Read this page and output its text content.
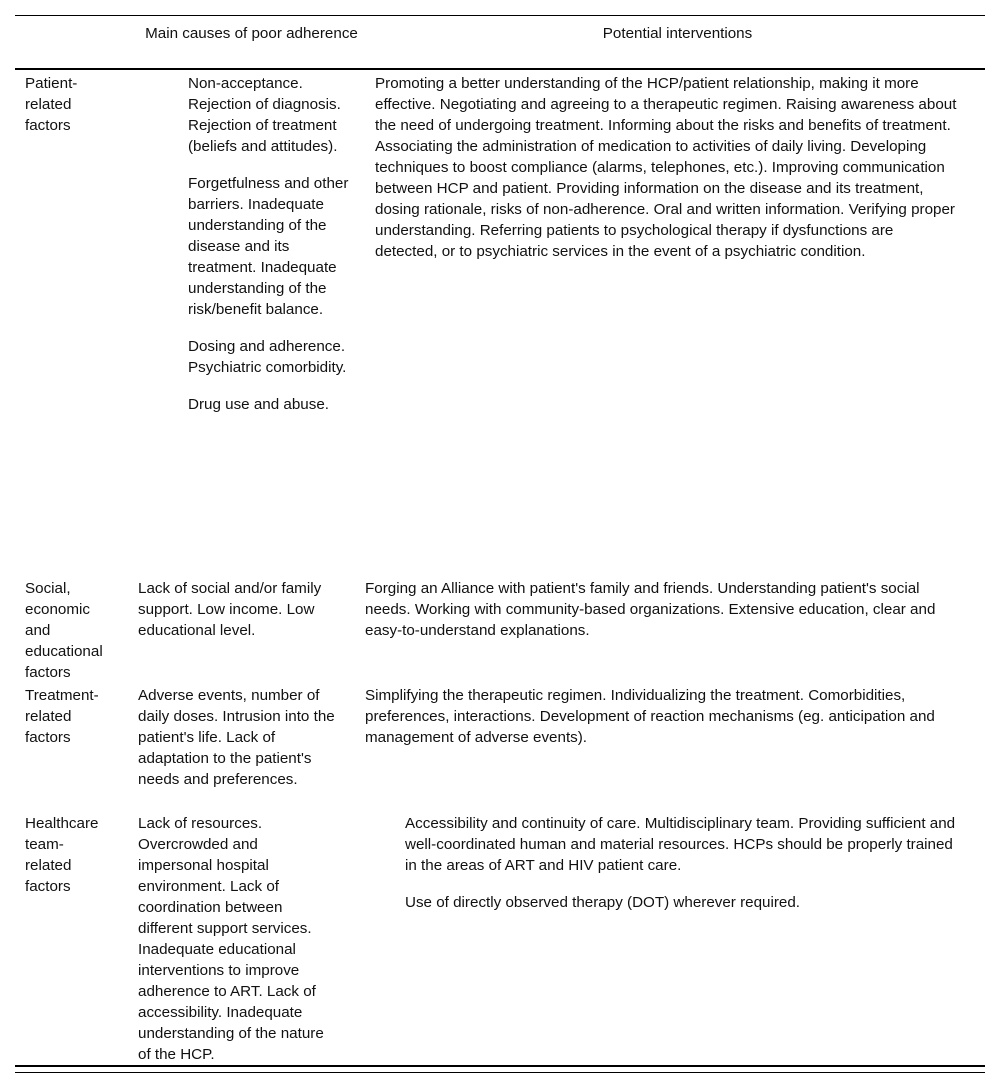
Main causes of poor adherence	Potential interventions
Patient-related factors

Non-acceptance. Rejection of diagnosis. Rejection of treatment (beliefs and attitudes).

Forgetfulness and other barriers. Inadequate understanding of the disease and its treatment. Inadequate understanding of the risk/benefit balance.

Dosing and adherence. Psychiatric comorbidity.

Drug use and abuse.

Promoting a better understanding of the HCP/patient relationship, making it more effective. Negotiating and agreeing to a therapeutic regimen. Raising awareness about the need of undergoing treatment. Informing about the risks and benefits of treatment. Associating the administration of medication to activities of daily living. Developing techniques to boost compliance (alarms, telephones, etc.). Improving communication between HCP and patient. Providing information on the disease and its treatment, dosing rationale, risks of non-adherence. Oral and written information. Verifying proper understanding. Referring patients to psychological therapy if dysfunctions are detected, or to psychiatric services in the event of a psychiatric condition.

Social, economic and educational factors

Lack of social and/or family support. Low income. Low educational level.

Forging an Alliance with patient's family and friends. Understanding patient's social needs. Working with community-based organizations. Extensive education, clear and easy-to-understand explanations.

Treatment-related factors

Adverse events, number of daily doses. Intrusion into the patient's life. Lack of adaptation to the patient's needs and preferences.

Simplifying the therapeutic regimen. Individualizing the treatment. Comorbidities, preferences, interactions. Development of reaction mechanisms (eg. anticipation and management of adverse events).

Healthcare team-related factors

Lack of resources. Overcrowded and impersonal hospital environment. Lack of coordination between different support services. Inadequate educational interventions to improve adherence to ART. Lack of accessibility. Inadequate understanding of the nature of the HCP.

Accessibility and continuity of care. Multidisciplinary team. Providing sufficient and well-coordinated human and material resources. HCPs should be properly trained in the areas of ART and HIV patient care.

Use of directly observed therapy (DOT) wherever required.
